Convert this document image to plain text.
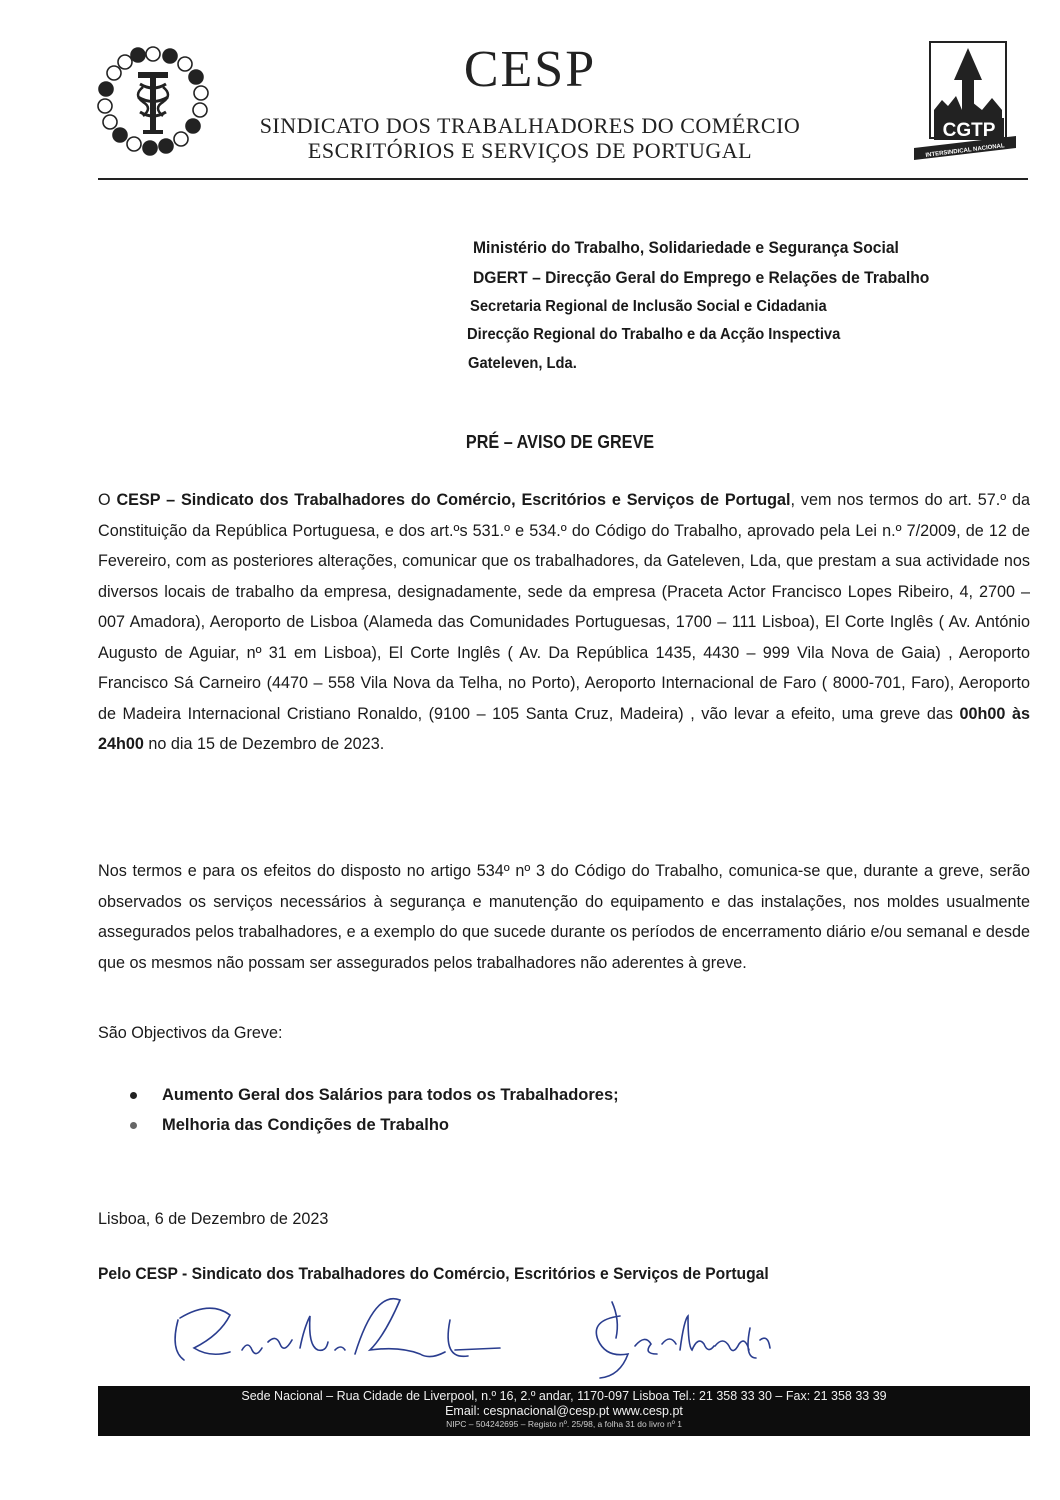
CESP
SINDICATO DOS TRABALHADORES DO COMÉRCIO
ESCRITÓRIOS E SERVIÇOS DE PORTUGAL
CGTP
INTERSINDICAL NACIONAL
Ministério do Trabalho, Solidariedade e Segurança Social
DGERT – Direcção Geral do Emprego e Relações de Trabalho
Secretaria Regional de Inclusão Social e Cidadania
Direcção Regional do Trabalho e da Acção Inspectiva
Gateleven, Lda.
PRÉ – AVISO DE GREVE
O CESP – Sindicato dos Trabalhadores do Comércio, Escritórios e Serviços de Portugal, vem nos termos do art. 57.º da Constituição da República Portuguesa, e dos art.ºs 531.º e 534.º do Código do Trabalho, aprovado pela Lei n.º 7/2009, de 12 de Fevereiro, com as posteriores alterações, comunicar que os trabalhadores, da Gateleven, Lda, que prestam a sua actividade nos diversos locais de trabalho da empresa, designadamente, sede da empresa (Praceta Actor Francisco Lopes Ribeiro, 4, 2700 – 007 Amadora), Aeroporto de Lisboa (Alameda das Comunidades Portuguesas, 1700 – 111 Lisboa), El Corte Inglês ( Av. António Augusto de Aguiar, nº 31 em Lisboa), El Corte Inglês ( Av. Da República 1435, 4430 – 999 Vila Nova de Gaia) , Aeroporto Francisco Sá Carneiro (4470 – 558 Vila Nova da Telha, no Porto), Aeroporto Internacional de Faro ( 8000-701, Faro), Aeroporto de Madeira Internacional Cristiano Ronaldo, (9100 – 105 Santa Cruz, Madeira) , vão levar a efeito, uma greve das 00h00 às 24h00 no dia 15 de Dezembro de 2023.
Nos termos e para os efeitos do disposto no artigo 534º nº 3 do Código do Trabalho, comunica-se que, durante a greve, serão observados os serviços necessários à segurança e manutenção do equipamento e das instalações, nos moldes usualmente assegurados pelos trabalhadores, e a exemplo do que sucede durante os períodos de encerramento diário e/ou semanal e desde que os mesmos não possam ser assegurados pelos trabalhadores não aderentes à greve.
São Objectivos da Greve:
Aumento Geral dos Salários para todos os Trabalhadores;
Melhoria das Condições de Trabalho
Lisboa, 6 de Dezembro de 2023
Pelo CESP - Sindicato dos Trabalhadores do Comércio, Escritórios e Serviços de Portugal
Sede Nacional – Rua Cidade de Liverpool, n.º 16, 2.º andar, 1170-097 Lisboa Tel.: 21 358 33 30 – Fax: 21 358 33 39
Email: cespnacional@cesp.pt www.cesp.pt
NIPC – 504242695 – Registo nº. 25/98, a folha 31 do livro nº 1
